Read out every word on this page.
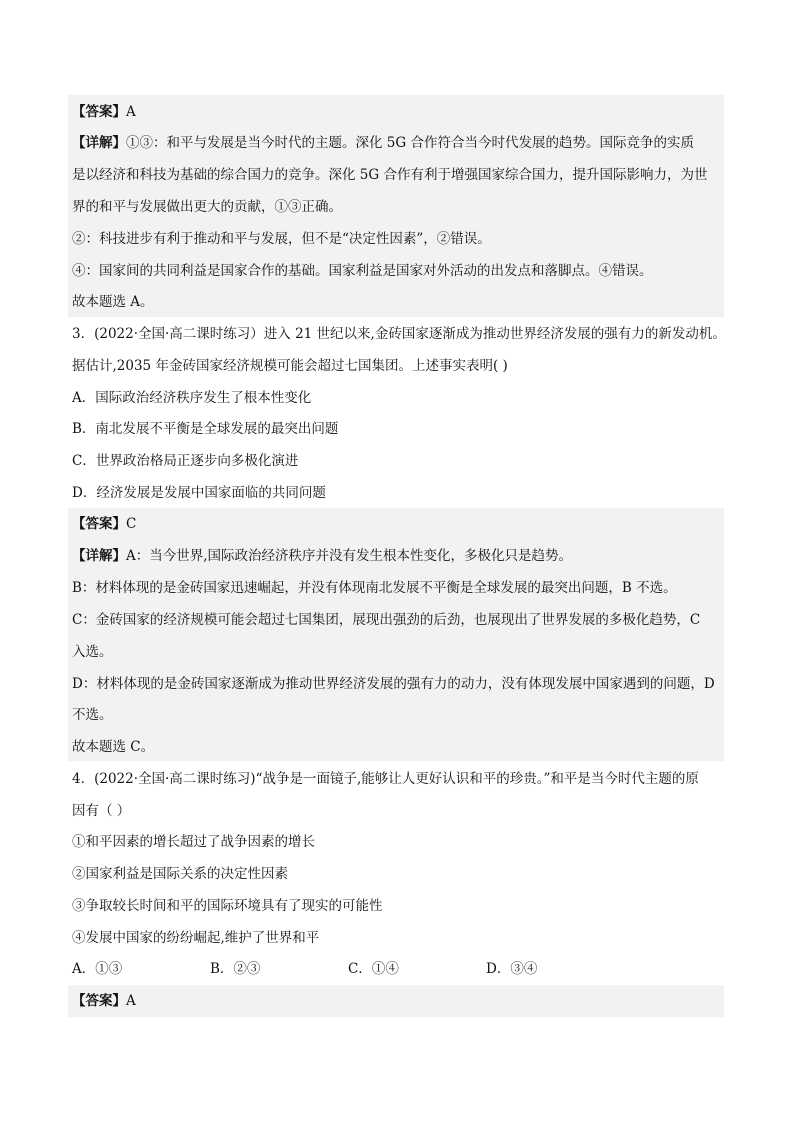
【答案】A
【详解】①③：和平与发展是当今时代的主题。深化 5G 合作符合当今时代发展的趋势。国际竞争的实质
是以经济和科技为基础的综合国力的竞争。深化 5G 合作有利于增强国家综合国力，提升国际影响力，为世
界的和平与发展做出更大的贡献，①③正确。
②：科技进步有利于推动和平与发展，但不是“决定性因素”，②错误。
④：国家间的共同利益是国家合作的基础。国家利益是国家对外活动的出发点和落脚点。④错误。
故本题选 A。
3．(2022·全国·高二课时练习）进入 21 世纪以来,金砖国家逐渐成为推动世界经济发展的强有力的新发动机。
据估计,2035 年金砖国家经济规模可能会超过七国集团。上述事实表明( )
A．国际政治经济秩序发生了根本性变化
B．南北发展不平衡是全球发展的最突出问题
C．世界政治格局正逐步向多极化演进
D．经济发展是发展中国家面临的共同问题
【答案】C
【详解】A：当今世界,国际政治经济秩序并没有发生根本性变化，多极化只是趋势。
B：材料体现的是金砖国家迅速崛起，并没有体现南北发展不平衡是全球发展的最突出问题，B 不选。
C：金砖国家的经济规模可能会超过七国集团，展现出强劲的后劲，也展现出了世界发展的多极化趋势，C
入选。
D：材料体现的是金砖国家逐渐成为推动世界经济发展的强有力的动力，没有体现发展中国家遇到的问题，D
不选。
故本题选 C。
4．(2022·全国·高二课时练习)“战争是一面镜子,能够让人更好认识和平的珍贵。”和平是当今时代主题的原
因有（ ）
①和平因素的增长超过了战争因素的增长
②国家利益是国际关系的决定性因素
③争取较长时间和平的国际环境具有了现实的可能性
④发展中国家的纷纷崛起,维护了世界和平
A．①③	B．②③	C．①④	D．③④
【答案】A
